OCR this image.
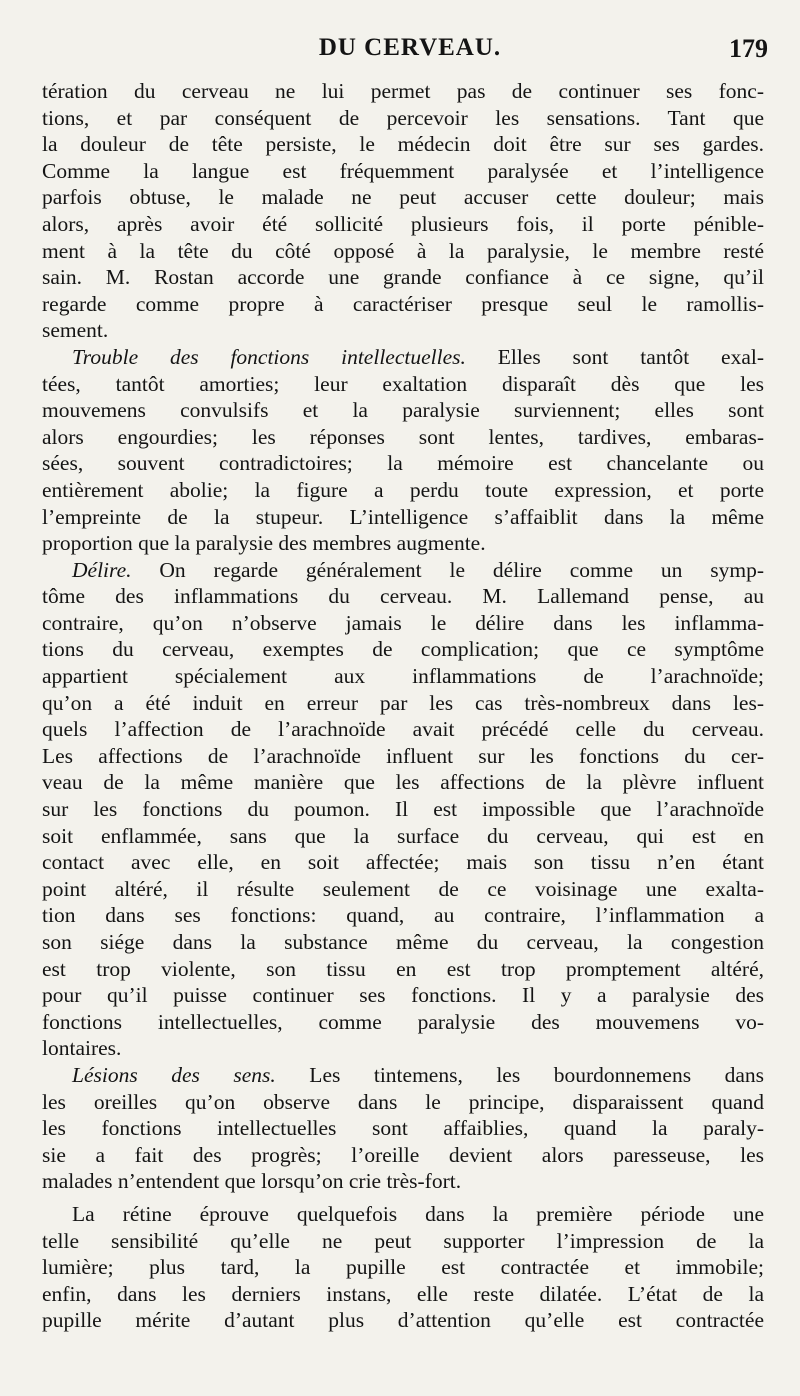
DU CERVEAU.	179
tération du cerveau ne lui permet pas de continuer ses fonc-
tions, et par conséquent de percevoir les sensations. Tant que
la douleur de tête persiste, le médecin doit être sur ses gardes.
Comme la langue est fréquemment paralysée et l’intelligence
parfois obtuse, le malade ne peut accuser cette douleur; mais
alors, après avoir été sollicité plusieurs fois, il porte pénible-
ment à la tête du côté opposé à la paralysie, le membre resté
sain. M. Rostan accorde une grande confiance à ce signe, qu’il
regarde comme propre à caractériser presque seul le ramollis-
sement.
Trouble des fonctions intellectuelles. Elles sont tantôt exal-
tées, tantôt amorties; leur exaltation disparaît dès que les
mouvemens convulsifs et la paralysie surviennent; elles sont
alors engourdies; les réponses sont lentes, tardives, embaras-
sées, souvent contradictoires; la mémoire est chancelante ou
entièrement abolie; la figure a perdu toute expression, et porte
l’empreinte de la stupeur. L’intelligence s’affaiblit dans la même
proportion que la paralysie des membres augmente.
Délire. On regarde généralement le délire comme un symp-
tôme des inflammations du cerveau. M. Lallemand pense, au
contraire, qu’on n’observe jamais le délire dans les inflamma-
tions du cerveau, exemptes de complication; que ce symptôme
appartient spécialement aux inflammations de l’arachnoïde;
qu’on a été induit en erreur par les cas très-nombreux dans les-
quels l’affection de l’arachnoïde avait précédé celle du cerveau.
Les affections de l’arachnoïde influent sur les fonctions du cer-
veau de la même manière que les affections de la plèvre influent
sur les fonctions du poumon. Il est impossible que l’arachnoïde
soit enflammée, sans que la surface du cerveau, qui est en
contact avec elle, en soit affectée; mais son tissu n’en étant
point altéré, il résulte seulement de ce voisinage une exalta-
tion dans ses fonctions: quand, au contraire, l’inflammation a
son siége dans la substance même du cerveau, la congestion
est trop violente, son tissu en est trop promptement altéré,
pour qu’il puisse continuer ses fonctions. Il y a paralysie des
fonctions intellectuelles, comme paralysie des mouvemens vo-
lontaires.
Lésions des sens. Les tintemens, les bourdonnemens dans
les oreilles qu’on observe dans le principe, disparaissent quand
les fonctions intellectuelles sont affaiblies, quand la paraly-
sie a fait des progrès; l’oreille devient alors paresseuse, les
malades n’entendent que lorsqu’on crie très-fort.
La rétine éprouve quelquefois dans la première période une
telle sensibilité qu’elle ne peut supporter l’impression de la
lumière; plus tard, la pupille est contractée et immobile;
enfin, dans les derniers instans, elle reste dilatée. L’état de la
pupille mérite d’autant plus d’attention qu’elle est contractée
